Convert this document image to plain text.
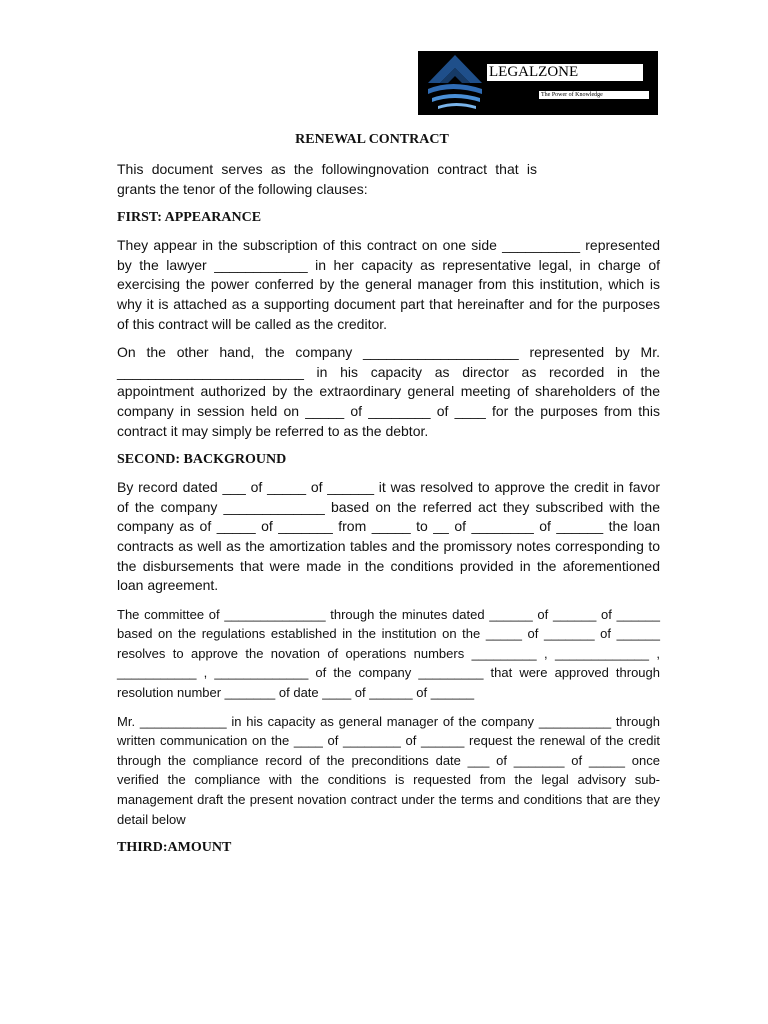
LEGALZONE
The Power of Knowledge
RENEWAL CONTRACT

This document serves as the followingnovation contract that is grants the tenor of the following clauses:

FIRST: APPEARANCE

They appear in the subscription of this contract on one side __________ represented by the lawyer ____________ in her capacity as representative legal, in charge of exercising the power conferred by the general manager from this institution, which is why it is attached as a supporting document part that hereinafter and for the purposes of this contract will be called as the creditor.

On the other hand, the company ____________________ represented by Mr. ________________________ in his capacity as director as recorded in the appointment authorized by the extraordinary general meeting of shareholders of the company in session held on _____ of ________ of ____ for the purposes from this contract it may simply be referred to as the debtor.

SECOND: BACKGROUND

By record dated ___ of _____ of ______ it was resolved to approve the credit in favor of the company _____________ based on the referred act they subscribed with the company as of _____ of _______ from _____ to __ of ________ of ______ the loan contracts as well as the amortization tables and the promissory notes corresponding to the disbursements that were made in the conditions provided in the aforementioned loan agreement.

The committee of ______________ through the minutes dated ______ of ______ of ______ based on the regulations established in the institution on the _____ of _______ of ______ resolves to approve the novation of operations numbers _________ , _____________ , ___________ , _____________ of the company _________ that were approved through resolution number _______ of date ____ of ______ of ______

Mr. ____________ in his capacity as general manager of the company __________ through written communication on the ____ of ________ of ______ request the renewal of the credit through the compliance record of the preconditions date ___ of _______ of _____ once verified the compliance with the conditions is requested from the legal advisory sub-management draft the present novation contract under the terms and conditions that are they detail below

THIRD:AMOUNT
